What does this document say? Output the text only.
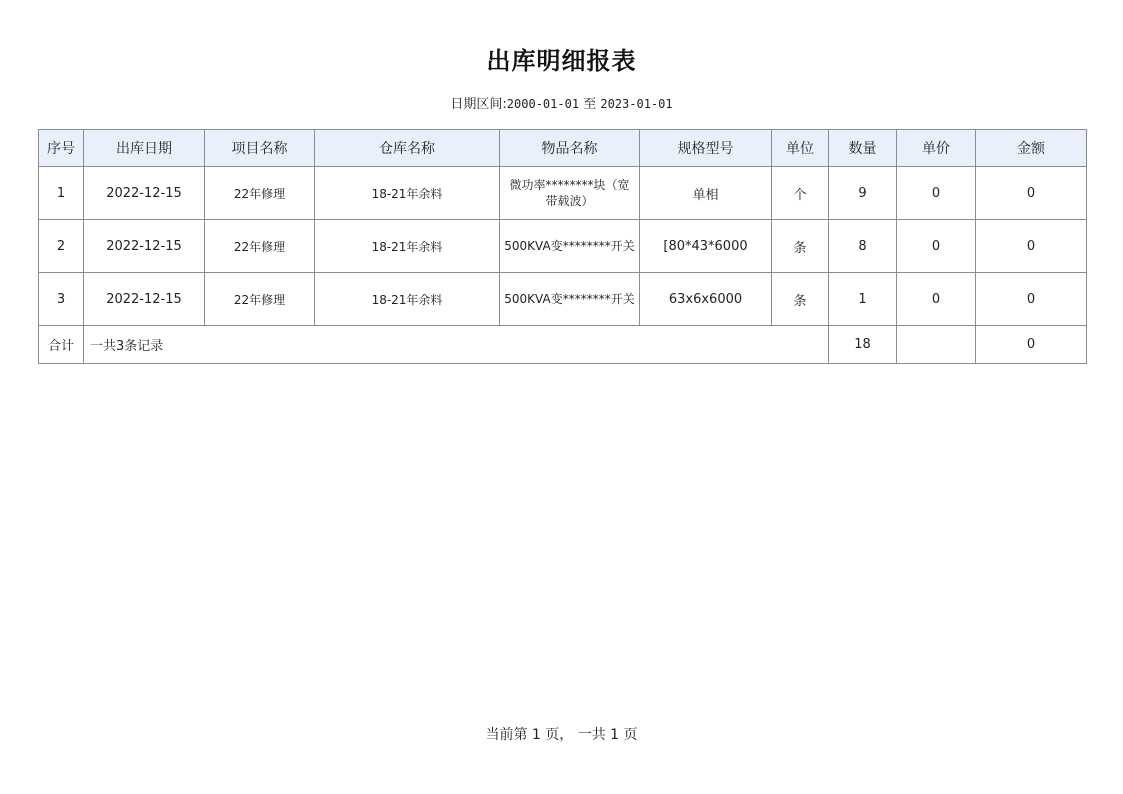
出库明细报表
日期区间:2000-01-01 至 2023-01-01
序号	出库日期	项目名称	仓库名称	物品名称	规格型号	单位	数量	单价	金额
1	2022-12-15	22年修理	18-21年余料	微功率********块（宽带载波）	单相	个	9	0	0
2	2022-12-15	22年修理	18-21年余料	500KVA变********开关	[80*43*6000	条	8	0	0
3	2022-12-15	22年修理	18-21年余料	500KVA变********开关	63x6x6000	条	1	0	0
合计	一共3条记录						18		0
当前第 1 页， 一共 1 页
